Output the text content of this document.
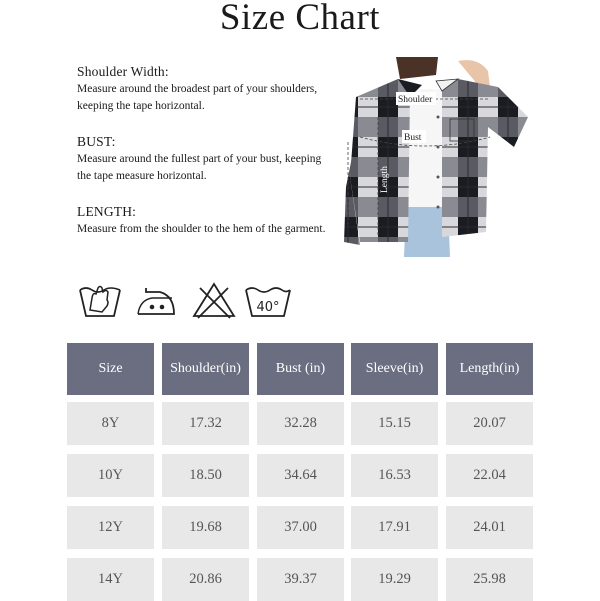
Size Chart
Shoulder Width:

Measure around the broadest part of your shoulders, keeping the tape horizontal.

BUST:

Measure around the fullest part of your bust, keeping the tape measure horizontal.

LENGTH:

Measure from the shoulder to the hem of the garment.

Shoulder
Bust
Sleeve	Length
40°
Size	Shoulder(in)	Bust (in)	Sleeve(in)	Length(in)
8Y	17.32	32.28	15.15	20.07
10Y	18.50	34.64	16.53	22.04
12Y	19.68	37.00	17.91	24.01
14Y	20.86	39.37	19.29	25.98
